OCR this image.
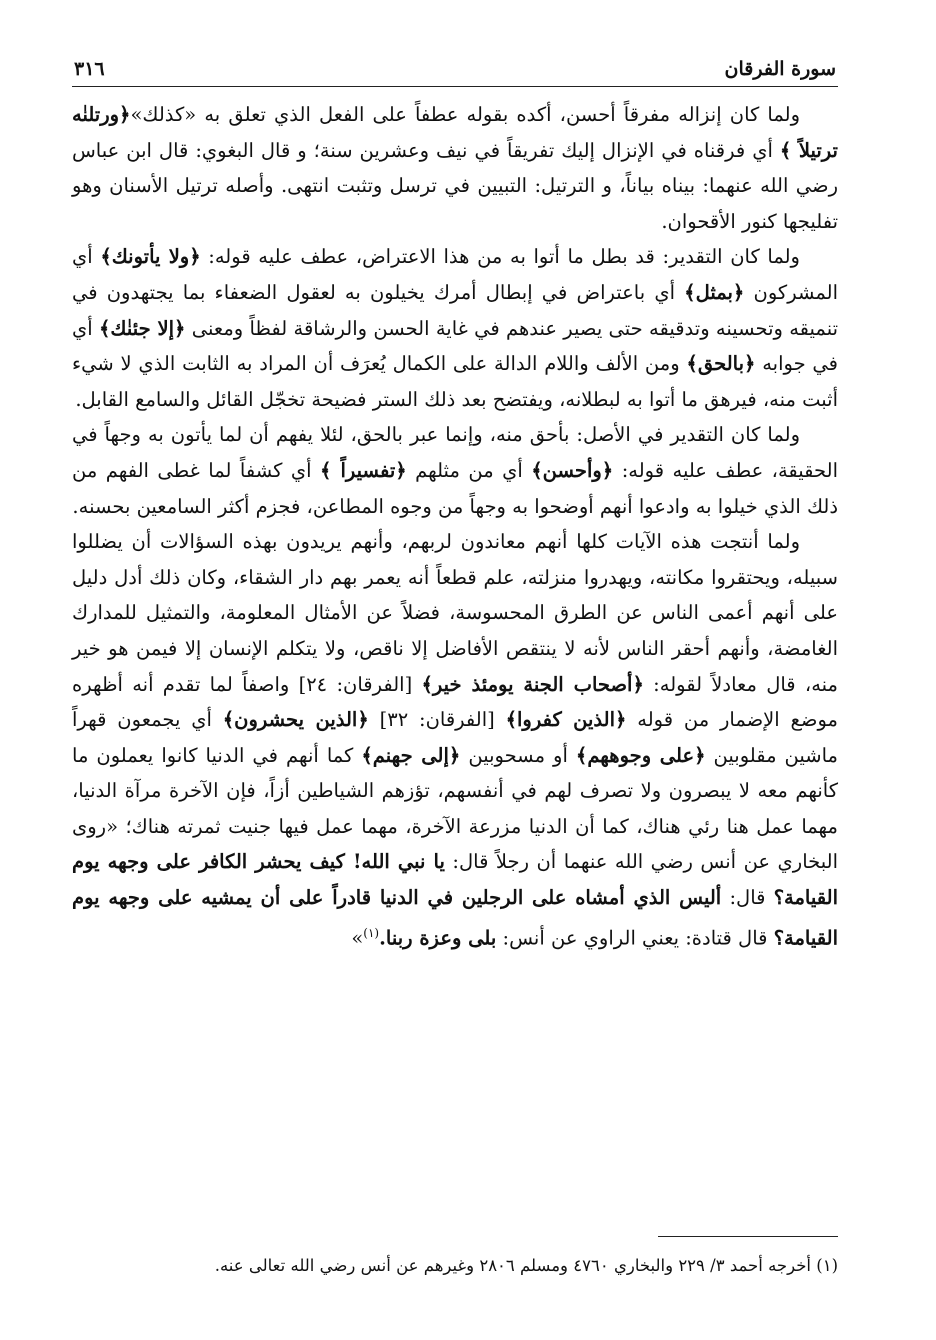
سورة الفرقان
٣١٦

ولما كان إنزاله مفرقاً أحسن، أكده بقوله عطفاً على الفعل الذي تعلق به «كذلك»﴿ورتلنٰه ترتيلاً ﴾ أي فرقناه في الإنزال إليك تفريقاً في نيف وعشرين سنة؛ و قال البغوي: قال ابن عباس رضي الله عنهما: بيناه بياناً، و الترتيل: التبيين في ترسل وتثبت انتهى. وأصله ترتيل الأسنان وهو تفليجها كنور الأقحوان.

ولما كان التقدير: قد بطل ما أتوا به من هذا الاعتراض، عطف عليه قوله: ﴿ولا يأتونك﴾ أي المشركون ﴿بمثل﴾ أي باعتراض في إبطال أمرك يخيلون به لعقول الضعفاء بما يجتهدون في تنميقه وتحسينه وتدقيقه حتى يصير عندهم في غاية الحسن والرشاقة لفظاً ومعنى ﴿إلا جئنٰك﴾ أي في جوابه ﴿بالحق﴾ ومن الألف واللام الدالة على الكمال يُعرَف أن المراد به الثابت الذي لا شيء أثبت منه، فيرهق ما أتوا به لبطلانه، ويفتضح بعد ذلك الستر فضيحة تخجّل القائل والسامع القابل.

ولما كان التقدير في الأصل: بأحق منه، وإنما عبر بالحق، لئلا يفهم أن لما يأتون به وجهاً في الحقيقة، عطف عليه قوله: ﴿وأحسن﴾ أي من مثلهم ﴿تفسيراً ﴾ أي كشفاً لما غطى الفهم من ذلك الذي خيلوا به وادعوا أنهم أوضحوا به وجهاً من وجوه المطاعن، فجزم أكثر السامعين بحسنه.

ولما أنتجت هذه الآيات كلها أنهم معاندون لربهم، وأنهم يريدون بهذه السؤالات أن يضللوا سبيله، ويحتقروا مكانته، ويهدروا منزلته، علم قطعاً أنه يعمر بهم دار الشقاء، وكان ذلك أدل دليل على أنهم أعمى الناس عن الطرق المحسوسة، فضلاً عن الأمثال المعلومة، والتمثيل للمدارك الغامضة، وأنهم أحقر الناس لأنه لا ينتقص الأفاضل إلا ناقص، ولا يتكلم الإنسان إلا فيمن هو خير منه، قال معادلاً لقوله: ﴿أصحاب الجنة يومئذ خير﴾ [الفرقان: ٢٤] واصفاً لما تقدم أنه أظهره موضع الإضمار من قوله ﴿الذين كفروا﴾ [الفرقان: ٣٢] ﴿الذين يحشرون﴾ أي يجمعون قهراً ماشين مقلوبين ﴿على وجوههم﴾ أو مسحوبين ﴿إلى جهنم﴾ كما أنهم في الدنيا كانوا يعملون ما كأنهم معه لا يبصرون ولا تصرف لهم في أنفسهم، تؤزهم الشياطين أزاً، فإن الآخرة مرآة الدنيا، مهما عمل هنا رئي هناك، كما أن الدنيا مزرعة الآخرة، مهما عمل فيها جنيت ثمرته هناك؛ «روى البخاري عن أنس رضي الله عنهما أن رجلاً قال: يا نبي الله! كيف يحشر الكافر على وجهه يوم القيامة؟ قال: أليس الذي أمشاه على الرجلين في الدنيا قادراً على أن يمشيه على وجهه يوم القيامة؟ قال قتادة: يعني الراوي عن أنس: بلى وعزة ربنا.$^{(١)}$»

(١) أخرجه أحمد ٣/ ٢٢٩ والبخاري ٤٧٦٠ ومسلم ٢٨٠٦ وغيرهم عن أنس رضي الله تعالى عنه.
